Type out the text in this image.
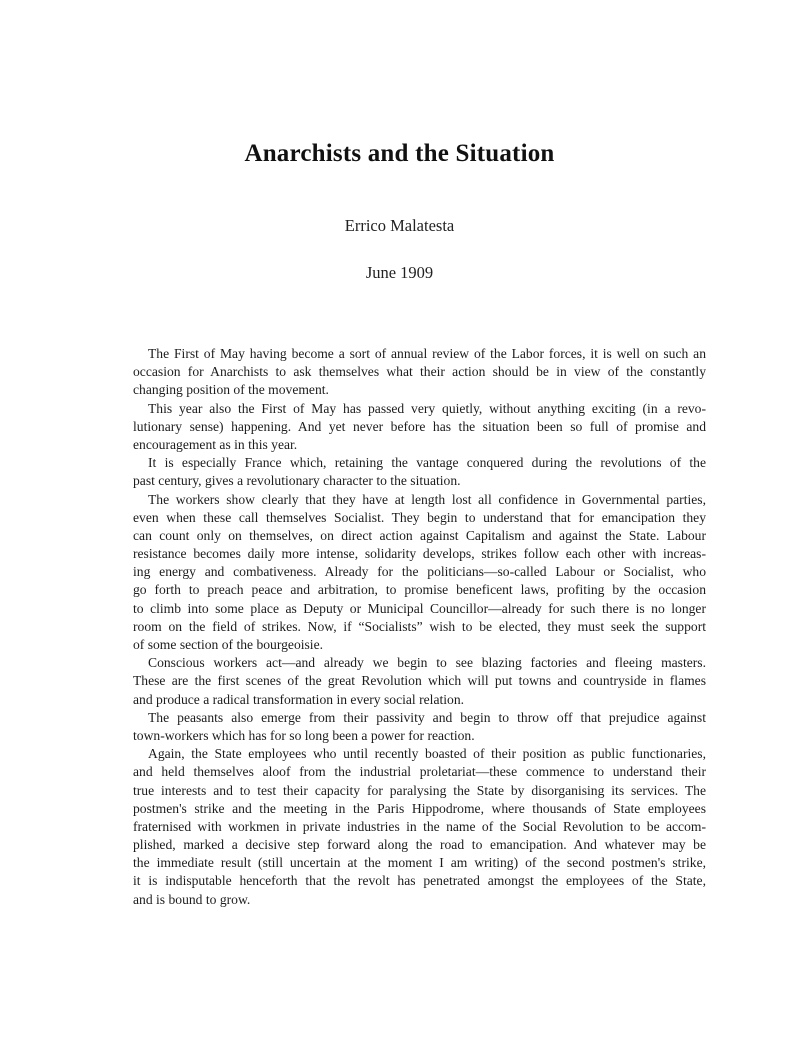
Anarchists and the Situation
Errico Malatesta
June 1909

The First of May having become a sort of annual review of the Labor forces, it is well on such an
occasion for Anarchists to ask themselves what their action should be in view of the constantly
changing position of the movement.

This year also the First of May has passed very quietly, without anything exciting (in a revo-
lutionary sense) happening. And yet never before has the situation been so full of promise and
encouragement as in this year.

It is especially France which, retaining the vantage conquered during the revolutions of the
past century, gives a revolutionary character to the situation.

The workers show clearly that they have at length lost all confidence in Governmental parties,
even when these call themselves Socialist. They begin to understand that for emancipation they
can count only on themselves, on direct action against Capitalism and against the State. Labour
resistance becomes daily more intense, solidarity develops, strikes follow each other with increas-
ing energy and combativeness. Already for the politicians—so-called Labour or Socialist, who
go forth to preach peace and arbitration, to promise beneficent laws, profiting by the occasion
to climb into some place as Deputy or Municipal Councillor—already for such there is no longer
room on the field of strikes. Now, if “Socialists” wish to be elected, they must seek the support
of some section of the bourgeoisie.

Conscious workers act—and already we begin to see blazing factories and fleeing masters.
These are the first scenes of the great Revolution which will put towns and countryside in flames
and produce a radical transformation in every social relation.

The peasants also emerge from their passivity and begin to throw off that prejudice against
town-workers which has for so long been a power for reaction.

Again, the State employees who until recently boasted of their position as public functionaries,
and held themselves aloof from the industrial proletariat—these commence to understand their
true interests and to test their capacity for paralysing the State by disorganising its services. The
postmen's strike and the meeting in the Paris Hippodrome, where thousands of State employees
fraternised with workmen in private industries in the name of the Social Revolution to be accom-
plished, marked a decisive step forward along the road to emancipation. And whatever may be
the immediate result (still uncertain at the moment I am writing) of the second postmen's strike,
it is indisputable henceforth that the revolt has penetrated amongst the employees of the State,
and is bound to grow.
